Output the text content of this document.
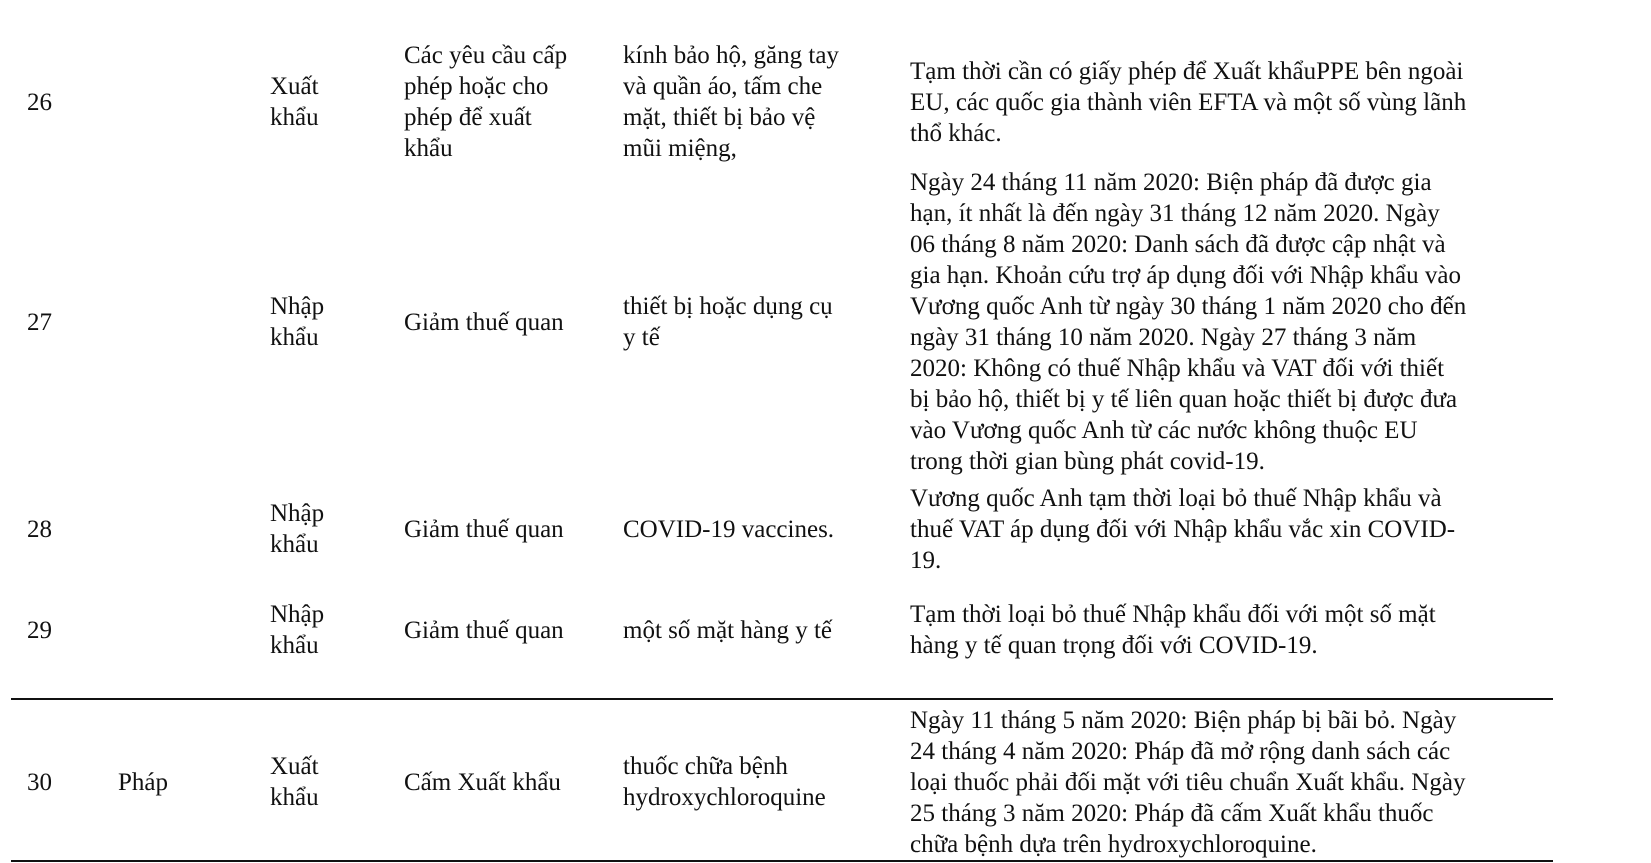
26
Xuất
khẩu
Các yêu cầu cấp
phép hoặc cho
phép để xuất
khẩu
kính bảo hộ, găng tay
và quần áo, tấm che
mặt, thiết bị bảo vệ
mũi miệng,
Tạm thời cần có giấy phép để Xuất khẩuPPE bên ngoài
EU, các quốc gia thành viên EFTA và một số vùng lãnh
thổ khác.
27
Nhập
khẩu
Giảm thuế quan
thiết bị hoặc dụng cụ
y tế
Ngày 24 tháng 11 năm 2020: Biện pháp đã được gia
hạn, ít nhất là đến ngày 31 tháng 12 năm 2020. Ngày
06 tháng 8 năm 2020: Danh sách đã được cập nhật và
gia hạn. Khoản cứu trợ áp dụng đối với Nhập khẩu vào
Vương quốc Anh từ ngày 30 tháng 1 năm 2020 cho đến
ngày 31 tháng 10 năm 2020. Ngày 27 tháng 3 năm
2020: Không có thuế Nhập khẩu và VAT đối với thiết
bị bảo hộ, thiết bị y tế liên quan hoặc thiết bị được đưa
vào Vương quốc Anh từ các nước không thuộc EU
trong thời gian bùng phát covid-19.
28
Nhập
khẩu
Giảm thuế quan COVID-19 vaccines.
Vương quốc Anh tạm thời loại bỏ thuế Nhập khẩu và
thuế VAT áp dụng đối với Nhập khẩu vắc xin COVID-
19.
29
Nhập
khẩu
Giảm thuế quan một số mặt hàng y tế
Tạm thời loại bỏ thuế Nhập khẩu đối với một số mặt
hàng y tế quan trọng đối với COVID-19.
30	Pháp
Xuất
khẩu
Cấm Xuất khẩu
thuốc chữa bệnh
hydroxychloroquine
Ngày 11 tháng 5 năm 2020: Biện pháp bị bãi bỏ. Ngày
24 tháng 4 năm 2020: Pháp đã mở rộng danh sách các
loại thuốc phải đối mặt với tiêu chuẩn Xuất khẩu. Ngày
25 tháng 3 năm 2020: Pháp đã cấm Xuất khẩu thuốc
chữa bệnh dựa trên hydroxychloroquine.
